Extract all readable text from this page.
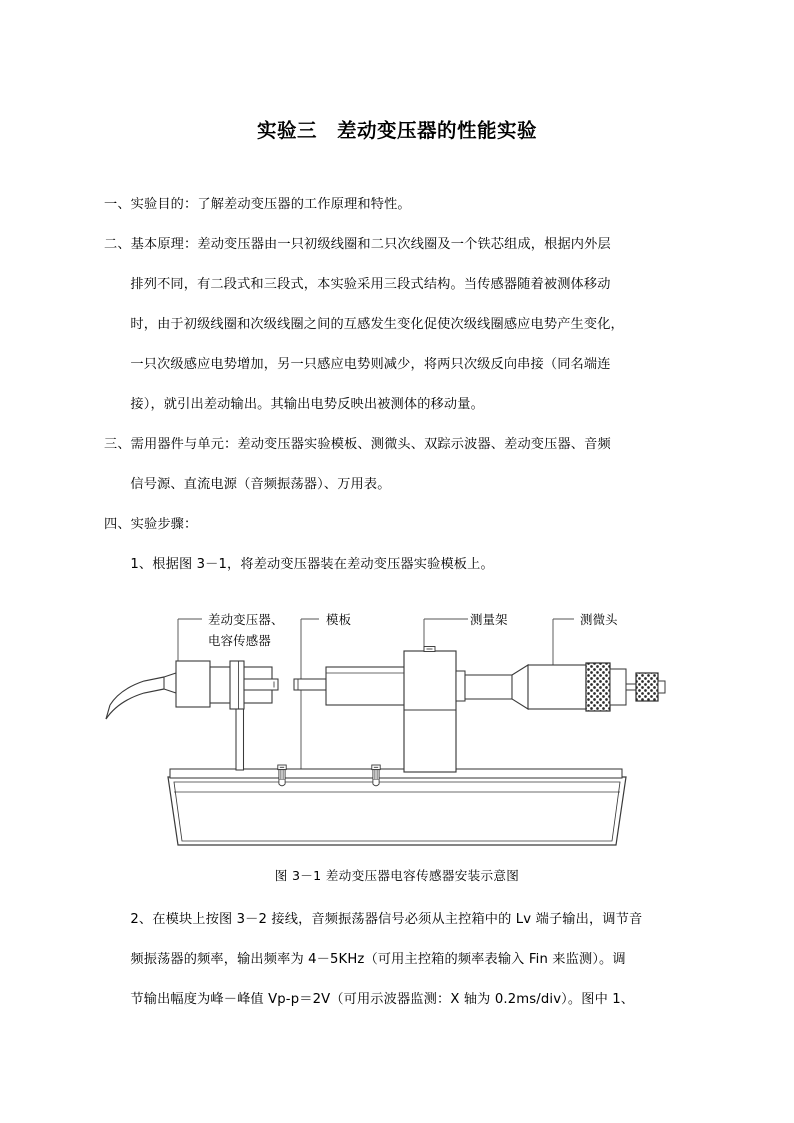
实验三　差动变压器的性能实验

一、实验目的：了解差动变压器的工作原理和特性。

二、基本原理：差动变压器由一只初级线圈和二只次线圈及一个铁芯组成，根据内外层

排列不同，有二段式和三段式，本实验采用三段式结构。当传感器随着被测体移动

时，由于初级线圈和次级线圈之间的互感发生变化促使次级线圈感应电势产生变化，

一只次级感应电势增加，另一只感应电势则减少，将两只次级反向串接（同名端连

接），就引出差动输出。其输出电势反映出被测体的移动量。

三、需用器件与单元：差动变压器实验模板、测微头、双踪示波器、差动变压器、音频

信号源、直流电源（音频振荡器）、万用表。

四、实验步骤：

1、根据图 3－1，将差动变压器装在差动变压器实验模板上。

差动变压器、
电容传感器
模板	测量架	测微头

图 3－1 差动变压器电容传感器安装示意图

2、在模块上按图 3－2 接线，音频振荡器信号必须从主控箱中的 Lv 端子输出，调节音

频振荡器的频率，输出频率为 4－5KHz（可用主控箱的频率表输入 Fin 来监测）。调

节输出幅度为峰－峰值 Vp-p＝2V（可用示波器监测：X 轴为 0.2ms/div）。图中 1、
